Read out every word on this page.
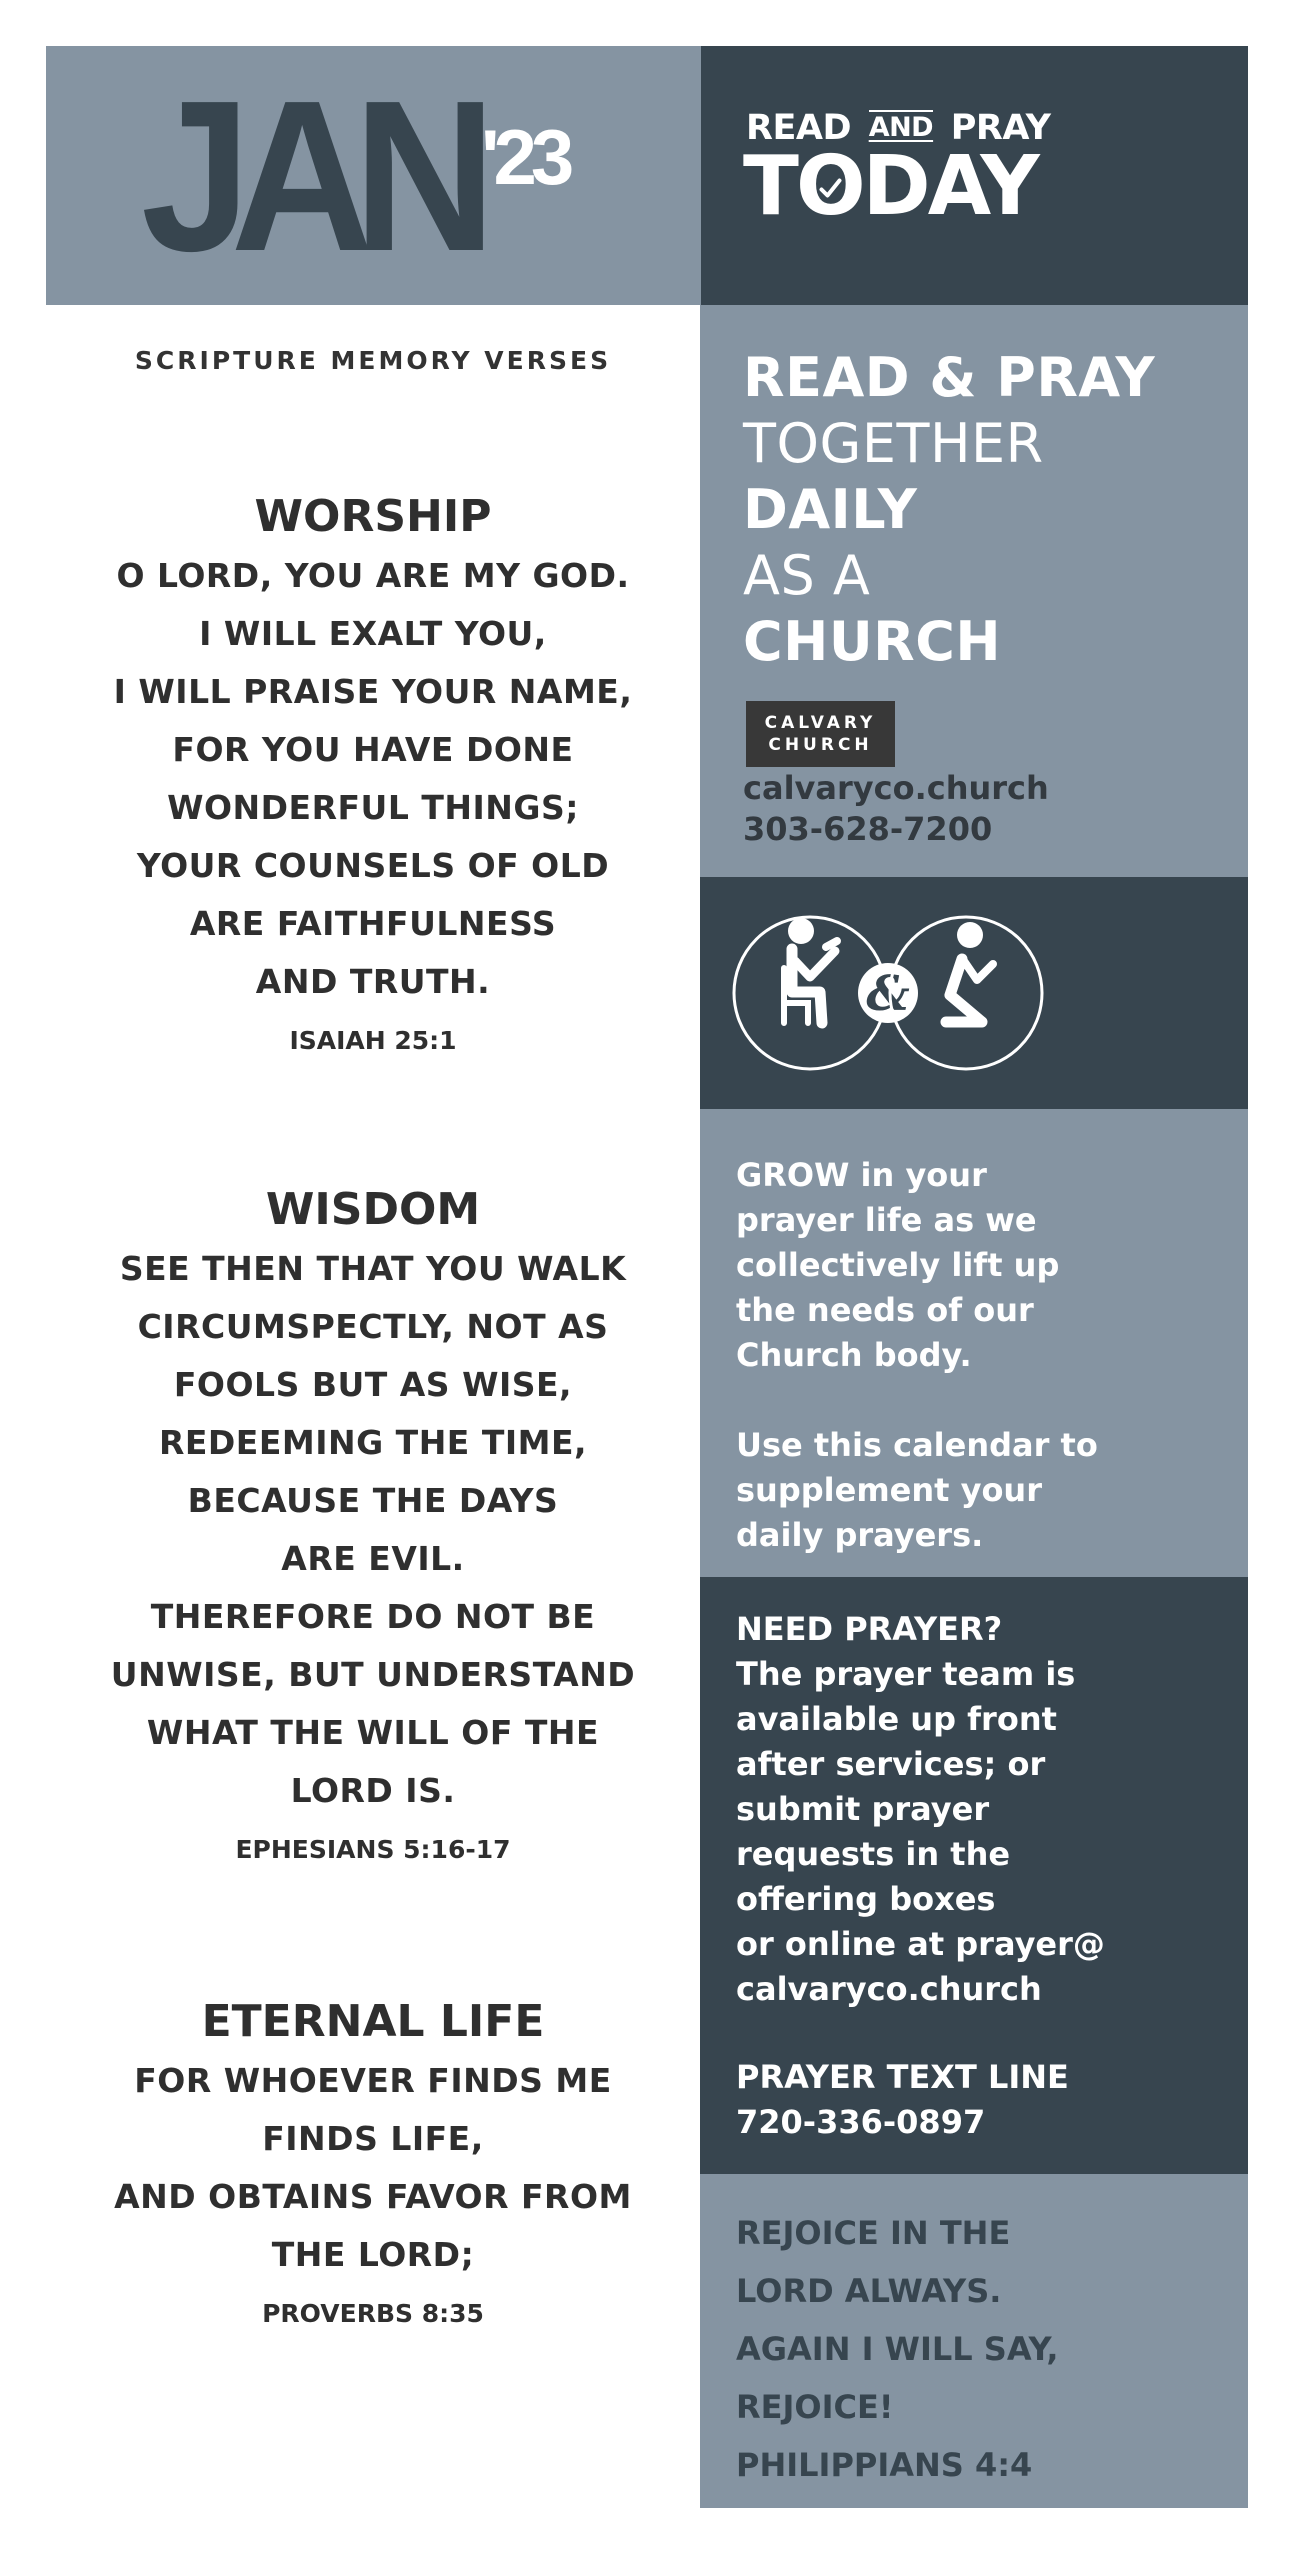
JAN '23	READ AND PRAY
TO
DAY
SCRIPTURE MEMORY VERSES
WORSHIP
O LORD, YOU ARE MY GOD.
I WILL EXALT YOU,
I WILL PRAISE YOUR NAME,
FOR YOU HAVE DONE
WONDERFUL THINGS;
YOUR COUNSELS OF OLD
ARE FAITHFULNESS
AND TRUTH.
ISAIAH 25:1
WISDOM
SEE THEN THAT YOU WALK
CIRCUMSPECTLY, NOT AS
FOOLS BUT AS WISE,
REDEEMING THE TIME,
BECAUSE THE DAYS
ARE EVIL.
THEREFORE DO NOT BE
UNWISE, BUT UNDERSTAND
WHAT THE WILL OF THE
LORD IS.
EPHESIANS 5:16-17
ETERNAL LIFE
FOR WHOEVER FINDS ME
FINDS LIFE,
AND OBTAINS FAVOR FROM
THE LORD;
PROVERBS 8:35
READ & PRAY
TOGETHER
DAILY
AS A
CHURCH
CALVARY
CHURCH
calvaryco.church
303-628-7200
&
GROW in your
prayer life as we
collectively lift up
the needs of our
Church body.
Use this calendar to
supplement your
daily prayers.
NEED PRAYER?
The prayer team is
available up front
after services; or
submit prayer
requests in the
offering boxes
or online at prayer@
calvaryco.church
PRAYER TEXT LINE
720-336-0897
REJOICE IN THE
LORD ALWAYS.
AGAIN I WILL SAY,
REJOICE!
PHILIPPIANS 4:4
